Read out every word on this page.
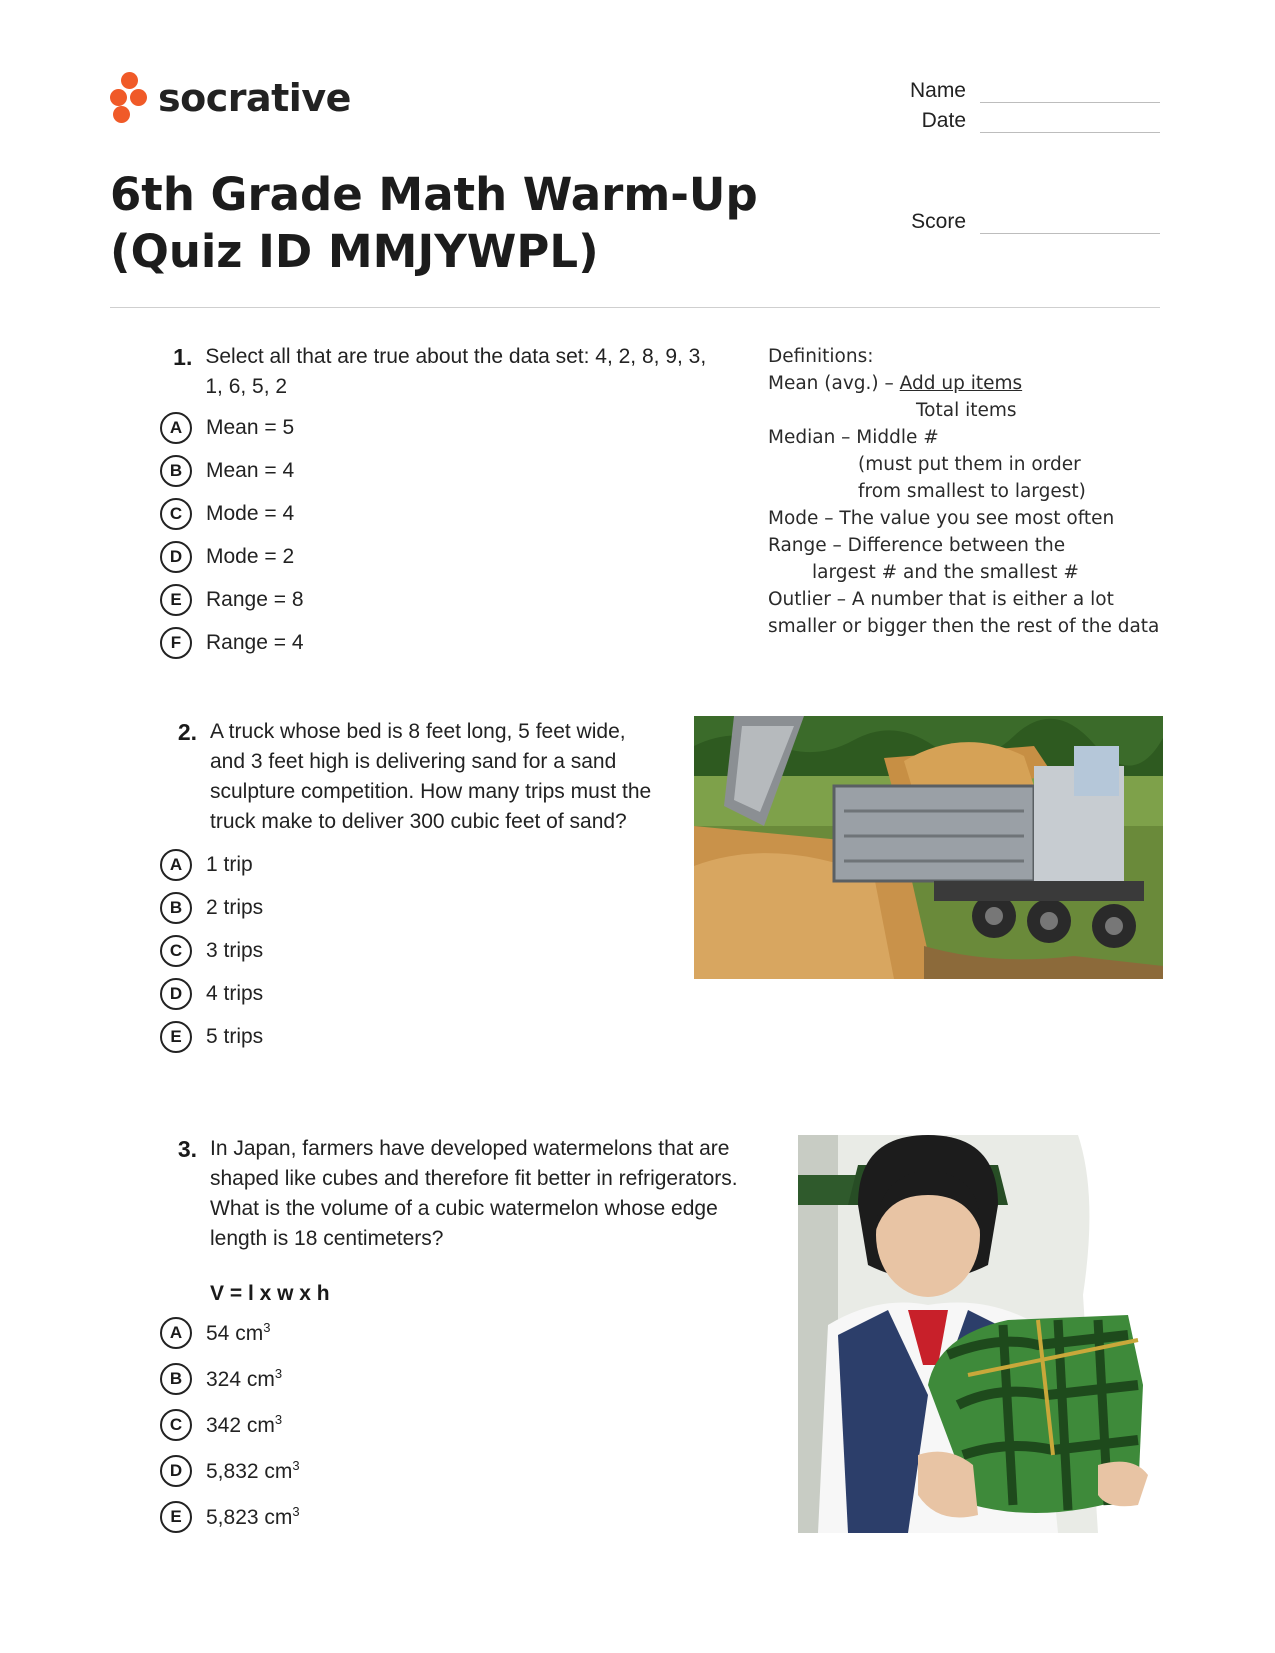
socrative	Name
Date
Score
6th Grade Math Warm-Up (Quiz ID MMJYWPL)
1. Select all that are true about the data set: 4, 2, 8, 9, 3, 1, 6, 5, 2
A	Mean = 5
B	Mean = 4
C	Mode = 4
D	Mode = 2
E	Range = 8
F	Range = 4
Definitions:
Mean (avg.) – Add up items
Total items
Median – Middle #
(must put them in order
from smallest to largest)
Mode – The value you see most often
Range – Difference between the
largest # and the smallest #
Outlier – A number that is either a lot
smaller or bigger then the rest of the data
2. A truck whose bed is 8 feet long, 5 feet wide, and 3 feet high is delivering sand for a sand sculpture competition. How many trips must the truck make to deliver 300 cubic feet of sand?
A	1 trip
B	2 trips
C	3 trips
D	4 trips
E	5 trips
3. In Japan, farmers have developed watermelons that are shaped like cubes and therefore fit better in refrigerators. What is the volume of a cubic watermelon whose edge length is 18 centimeters?
V = l x w x h
A	54 $cm^3$
B	324 $cm^3$
C	342 $cm^3$
D	5,832 $cm^3$
E	5,823 $cm^3$
